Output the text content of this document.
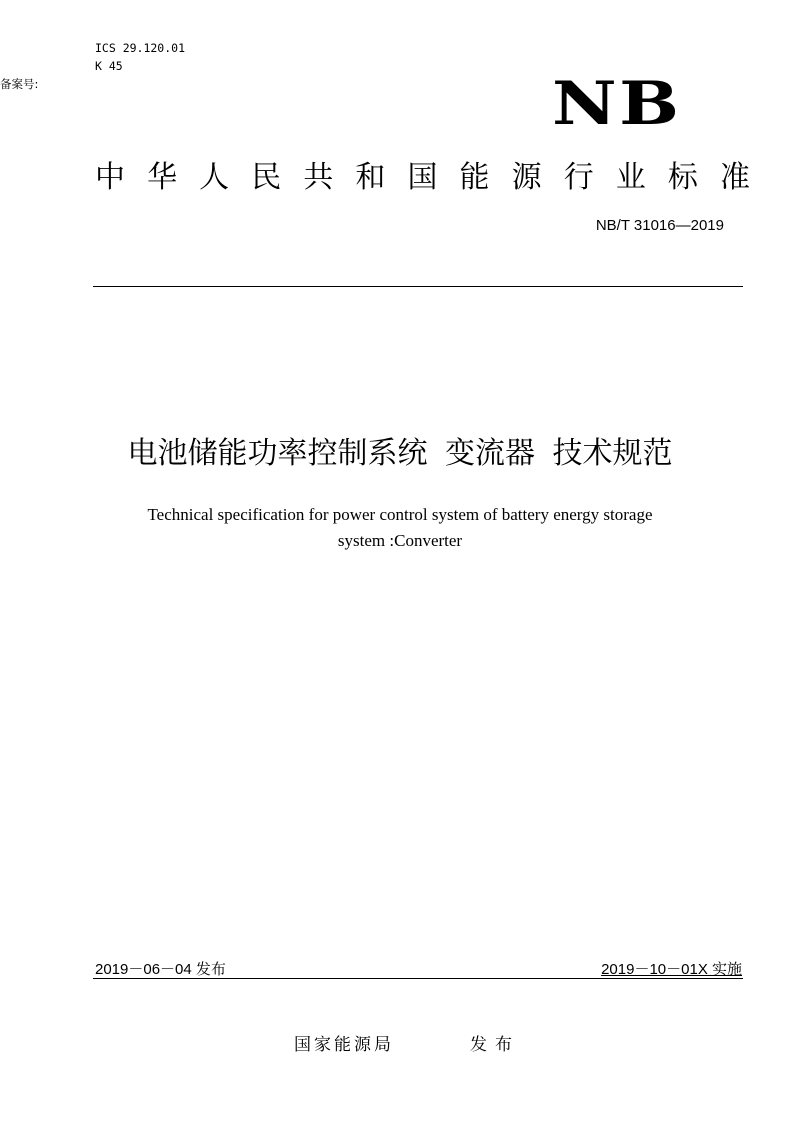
ICS 29.120.01
K 45
备案号:	NB
中 华 人 民 共 和 国 能 源 行 业 标 准
NB/T 31016—2019
电池储能功率控制系统 变流器 技术规范
Technical specification for power control system of battery energy storage
system :Converter
2019－06－04 发布	2019－10－01X 实施
国家能源局	发布
